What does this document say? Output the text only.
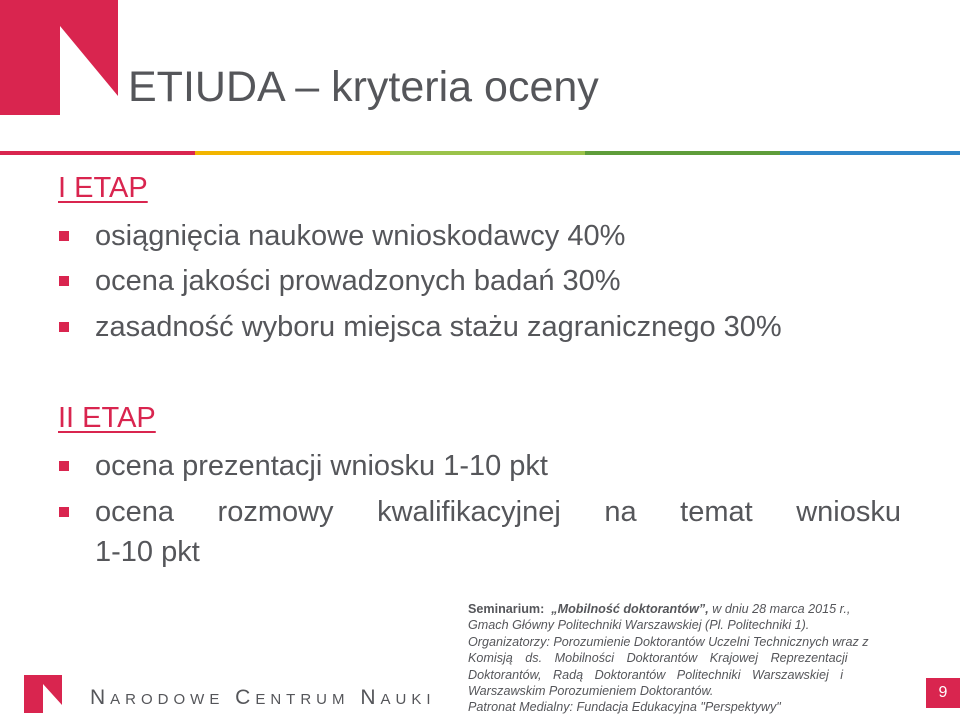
ETIUDA – kryteria oceny
I ETAP
osiągnięcia naukowe wnioskodawcy 40%
ocena jakości prowadzonych badań 30%
zasadność wyboru miejsca stażu zagranicznego 30%
II ETAP
ocena prezentacji wniosku 1-10 pkt
ocena rozmowy kwalifikacyjnej na temat wniosku
1-10 pkt
Seminarium:
„Mobilność doktorantów”,
w dniu 28 marca 2015 r.,
Gmach Główny Politechniki Warszawskiej (Pl. Politechniki 1).
Organizatorzy: Porozumienie Doktorantów Uczelni Technicznych wraz z
Komisją ds. Mobilności Doktorantów Krajowej Reprezentacji
Doktorantów, Radą Doktorantów Politechniki Warszawskiej i
Warszawskim Porozumieniem Doktorantów.
Patronat Medialny: Fundacja Edukacyjna "Perspektywy"
Narodowe Centrum Nauki	9
